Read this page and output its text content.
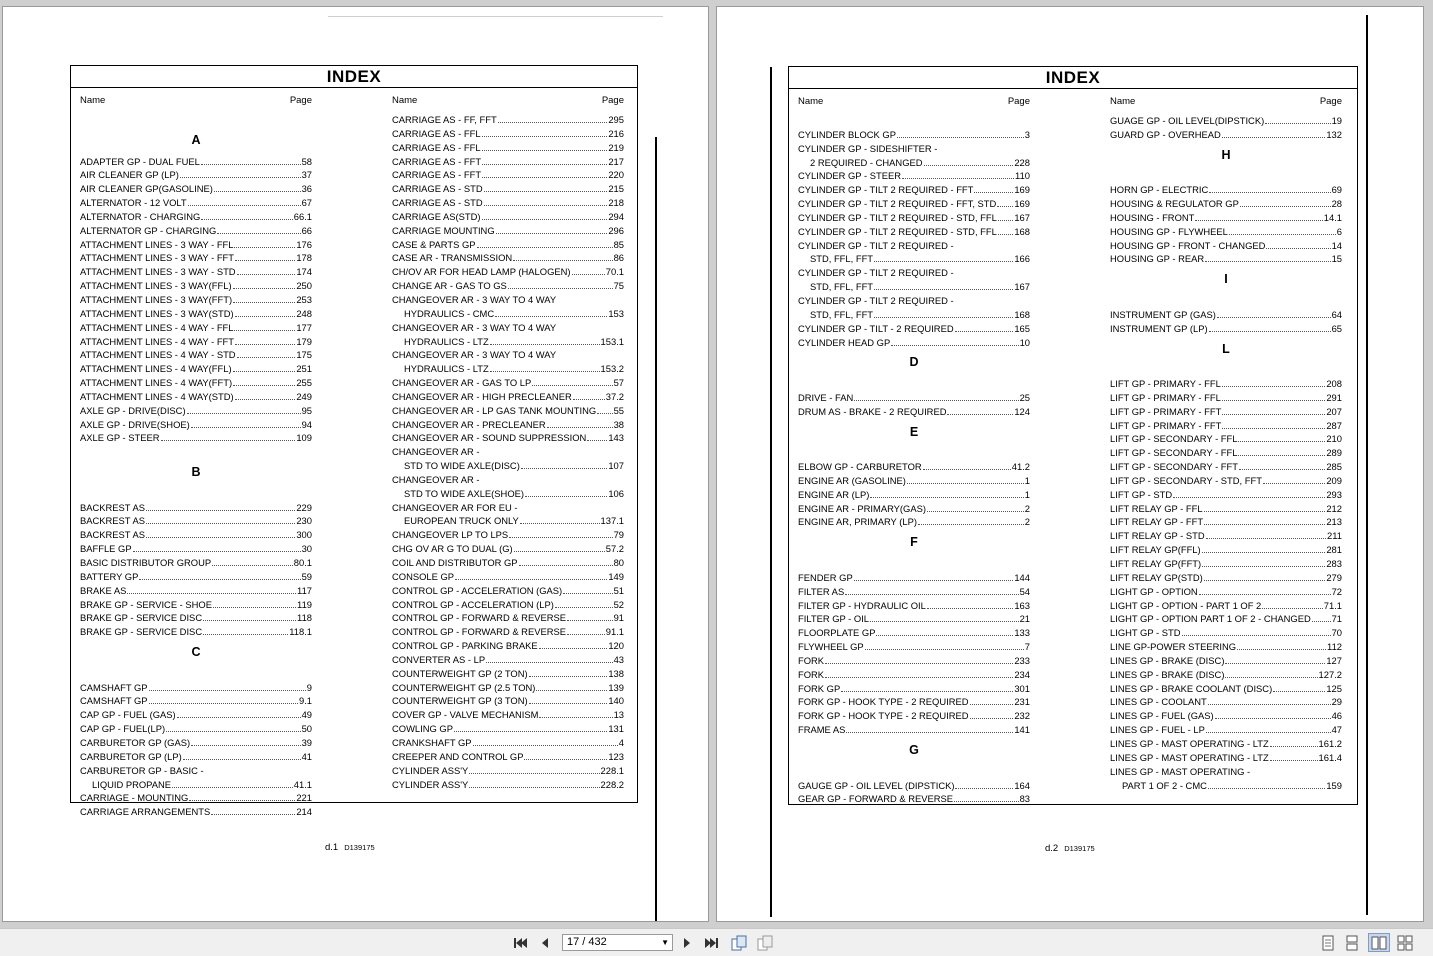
INDEX
Name	Page
A
ADAPTER GP - DUAL FUEL	58
AIR CLEANER GP (LP)	37
AIR CLEANER GP(GASOLINE)	36
ALTERNATOR - 12 VOLT	67
ALTERNATOR - CHARGING	66.1
ALTERNATOR GP - CHARGING	66
ATTACHMENT LINES - 3 WAY - FFL	176
ATTACHMENT LINES - 3 WAY - FFT	178
ATTACHMENT LINES - 3 WAY - STD	174
ATTACHMENT LINES - 3 WAY(FFL)	250
ATTACHMENT LINES - 3 WAY(FFT)	253
ATTACHMENT LINES - 3 WAY(STD)	248
ATTACHMENT LINES - 4 WAY - FFL	177
ATTACHMENT LINES - 4 WAY - FFT	179
ATTACHMENT LINES - 4 WAY - STD	175
ATTACHMENT LINES - 4 WAY(FFL)	251
ATTACHMENT LINES - 4 WAY(FFT)	255
ATTACHMENT LINES - 4 WAY(STD)	249
AXLE GP - DRIVE(DISC)	95
AXLE GP - DRIVE(SHOE)	94
AXLE GP - STEER	109
B
BACKREST AS	229
BACKREST AS	230
BACKREST AS	300
BAFFLE GP	30
BASIC DISTRIBUTOR GROUP	80.1
BATTERY GP	59
BRAKE AS	117
BRAKE GP - SERVICE - SHOE	119
BRAKE GP - SERVICE DISC	118
BRAKE GP - SERVICE DISC	118.1
C
CAMSHAFT GP	9
CAMSHAFT GP	9.1
CAP GP - FUEL (GAS)	49
CAP GP - FUEL(LP)	50
CARBURETOR GP (GAS)	39
CARBURETOR GP (LP)	41
CARBURETOR GP - BASIC -
LIQUID PROPANE	41.1
CARRIAGE - MOUNTING	221
CARRIAGE ARRANGEMENTS	214
Name	Page
CARRIAGE AS - FF, FFT	295
CARRIAGE AS - FFL	216
CARRIAGE AS - FFL	219
CARRIAGE AS - FFT	217
CARRIAGE AS - FFT	220
CARRIAGE AS - STD	215
CARRIAGE AS - STD	218
CARRIAGE AS(STD)	294
CARRIAGE MOUNTING	296
CASE & PARTS GP	85
CASE AR - TRANSMISSION	86
CH/OV AR FOR HEAD LAMP (HALOGEN)	70.1
CHANGE AR - GAS TO GS	75
CHANGEOVER AR - 3 WAY TO 4 WAY
HYDRAULICS - CMC	153
CHANGEOVER AR - 3 WAY TO 4 WAY
HYDRAULICS - LTZ	153.1
CHANGEOVER AR - 3 WAY TO 4 WAY
HYDRAULICS - LTZ	153.2
CHANGEOVER AR - GAS TO LP	57
CHANGEOVER AR - HIGH PRECLEANER	37.2
CHANGEOVER AR - LP GAS TANK MOUNTING 55
CHANGEOVER AR - PRECLEANER	38
CHANGEOVER AR - SOUND SUPPRESSION 143
CHANGEOVER AR -
STD TO WIDE AXLE(DISC)	107
CHANGEOVER AR -
STD TO WIDE AXLE(SHOE)	106
CHANGEOVER AR FOR EU -
EUROPEAN TRUCK ONLY	137.1
CHANGEOVER LP TO LPS	79
CHG OV AR G TO DUAL (G)	57.2
COIL AND DISTRIBUTOR GP	80
CONSOLE GP	149
CONTROL GP - ACCELERATION (GAS)	51
CONTROL GP - ACCELERATION (LP)	52
CONTROL GP - FORWARD & REVERSE	91
CONTROL GP - FORWARD & REVERSE	91.1
CONTROL GP - PARKING BRAKE	120
CONVERTER AS - LP	43
COUNTERWEIGHT GP (2 TON)	138
COUNTERWEIGHT GP (2.5 TON)	139
COUNTERWEIGHT GP (3 TON)	140
COVER GP - VALVE MECHANISM	13
COWLING GP	131
CRANKSHAFT GP	4
CREEPER AND CONTROL GP	123
CYLINDER ASS'Y	228.1
CYLINDER ASS'Y	228.2
d.1 D139175
INDEX
Name	Page
CYLINDER BLOCK GP	3
CYLINDER GP - SIDESHIFTER -
2 REQUIRED - CHANGED	228
CYLINDER GP - STEER	110
CYLINDER GP - TILT 2 REQUIRED - FFT	169
CYLINDER GP - TILT 2 REQUIRED - FFT, STD 169
CYLINDER GP - TILT 2 REQUIRED - STD, FFL 167
CYLINDER GP - TILT 2 REQUIRED - STD, FFL 168
CYLINDER GP - TILT 2 REQUIRED -
STD, FFL, FFT	166
CYLINDER GP - TILT 2 REQUIRED -
STD, FFL, FFT	167
CYLINDER GP - TILT 2 REQUIRED -
STD, FFL, FFT	168
CYLINDER GP - TILT - 2 REQUIRED	165
CYLINDER HEAD GP	10
D
DRIVE - FAN	25
DRUM AS - BRAKE - 2 REQUIRED	124
E
ELBOW GP - CARBURETOR	41.2
ENGINE AR (GASOLINE)	1
ENGINE AR (LP)	1
ENGINE AR - PRIMARY(GAS)	2
ENGINE AR, PRIMARY (LP)	2
F
FENDER GP	144
FILTER AS	54
FILTER GP - HYDRAULIC OIL	163
FILTER GP - OIL	21
FLOORPLATE GP	133
FLYWHEEL GP	7
FORK	233
FORK	234
FORK GP	301
FORK GP - HOOK TYPE - 2 REQUIRED	231
FORK GP - HOOK TYPE - 2 REQUIRED	232
FRAME AS	141
G
GAUGE GP - OIL LEVEL (DIPSTICK)	164
GEAR GP - FORWARD & REVERSE	83
Name	Page
GUAGE GP - OIL LEVEL(DIPSTICK)	19
GUARD GP - OVERHEAD	132
H
HORN GP - ELECTRIC	69
HOUSING & REGULATOR GP	28
HOUSING - FRONT	14.1
HOUSING GP - FLYWHEEL	6
HOUSING GP - FRONT - CHANGED	14
HOUSING GP - REAR	15
I
INSTRUMENT GP (GAS)	64
INSTRUMENT GP (LP)	65
L
LIFT GP - PRIMARY - FFL	208
LIFT GP - PRIMARY - FFL	291
LIFT GP - PRIMARY - FFT	207
LIFT GP - PRIMARY - FFT	287
LIFT GP - SECONDARY - FFL	210
LIFT GP - SECONDARY - FFL	289
LIFT GP - SECONDARY - FFT	285
LIFT GP - SECONDARY - STD, FFT	209
LIFT GP - STD	293
LIFT RELAY GP - FFL	212
LIFT RELAY GP - FFT	213
LIFT RELAY GP - STD	211
LIFT RELAY GP(FFL)	281
LIFT RELAY GP(FFT)	283
LIFT RELAY GP(STD)	279
LIGHT GP - OPTION	72
LIGHT GP - OPTION - PART 1 OF 2	71.1
LIGHT GP - OPTION PART 1 OF 2 - CHANGED 71
LIGHT GP - STD	70
LINE GP-POWER STEERING	112
LINES GP - BRAKE (DISC)	127
LINES GP - BRAKE (DISC)	127.2
LINES GP - BRAKE COOLANT (DISC)	125
LINES GP - COOLANT	29
LINES GP - FUEL (GAS)	46
LINES GP - FUEL - LP	47
LINES GP - MAST OPERATING - LTZ	161.2
LINES GP - MAST OPERATING - LTZ	161.4
LINES GP - MAST OPERATING -
PART 1 OF 2 - CMC	159
d.2 D139175
17 / 432	▼
